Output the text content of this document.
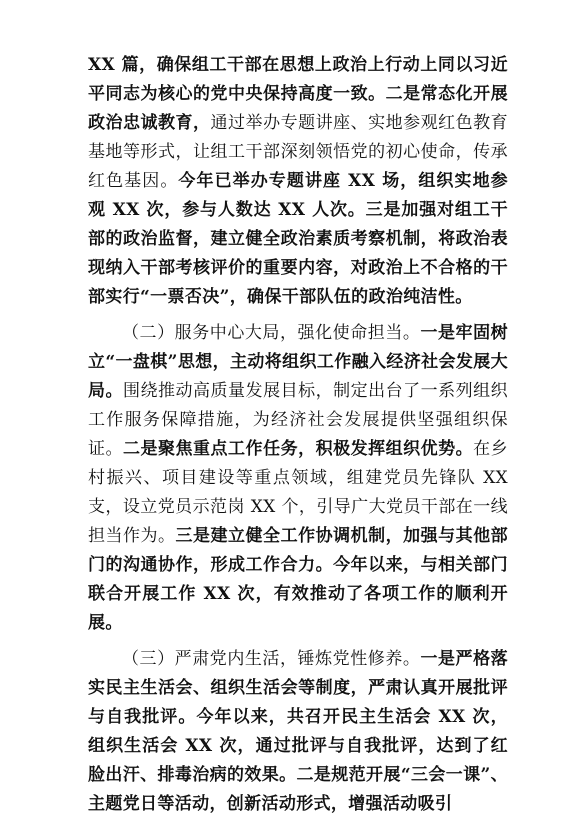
XX 篇，确保组工干部在思想上政治上行动上同以习近平同志为核心的党中央保持高度一致。二是常态化开展政治忠诚教育，通过举办专题讲座、实地参观红色教育基地等形式，让组工干部深刻领悟党的初心使命，传承红色基因。今年已举办专题讲座 XX 场，组织实地参观 XX 次，参与人数达 XX 人次。三是加强对组工干部的政治监督，建立健全政治素质考察机制，将政治表现纳入干部考核评价的重要内容，对政治上不合格的干部实行“一票否决”，确保干部队伍的政治纯洁性。

（二）服务中心大局，强化使命担当。一是牢固树立“一盘棋”思想，主动将组织工作融入经济社会发展大局。围绕推动高质量发展目标，制定出台了一系列组织工作服务保障措施，为经济社会发展提供坚强组织保证。二是聚焦重点工作任务，积极发挥组织优势。在乡村振兴、项目建设等重点领域，组建党员先锋队 XX 支，设立党员示范岗 XX 个，引导广大党员干部在一线担当作为。三是建立健全工作协调机制，加强与其他部门的沟通协作，形成工作合力。今年以来，与相关部门联合开展工作 XX 次，有效推动了各项工作的顺利开展。

（三）严肃党内生活，锤炼党性修养。一是严格落实民主生活会、组织生活会等制度，严肃认真开展批评与自我批评。今年以来，共召开民主生活会 XX 次，组织生活会 XX 次，通过批评与自我批评，达到了红脸出汗、排毒治病的效果。二是规范开展“三会一课”、主题党日等活动，创新活动形式，增强活动吸引
